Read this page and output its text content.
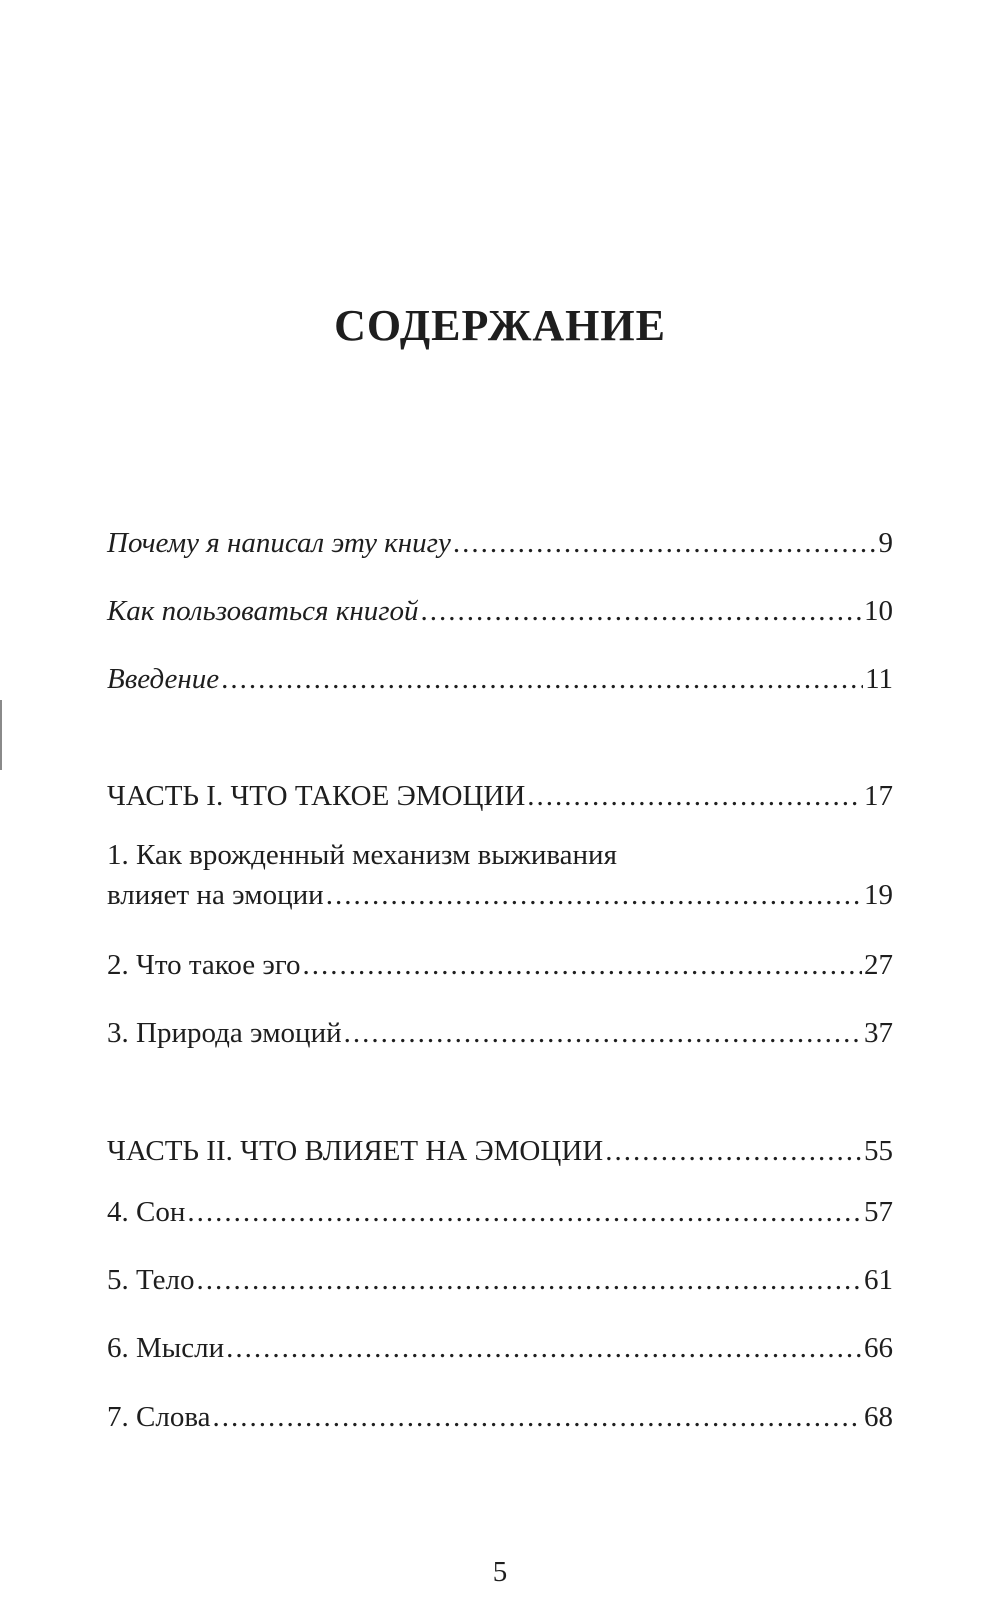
СОДЕРЖАНИЕ
Почему я написал эту книгу .....	9
Как пользоваться книгой .....	10
Введение .....	11
ЧАСТЬ I. ЧТО ТАКОЕ ЭМОЦИИ .....	17
1. Как врожденный механизм выживания
влияет на эмоции .....	19
2. Что такое эго .....	27
3. Природа эмоций .....	37
ЧАСТЬ II. ЧТО ВЛИЯЕТ НА ЭМОЦИИ .....	55
4. Сон .....	57
5. Тело .....	61
6. Мысли .....	66
7. Слова .....	68
5
